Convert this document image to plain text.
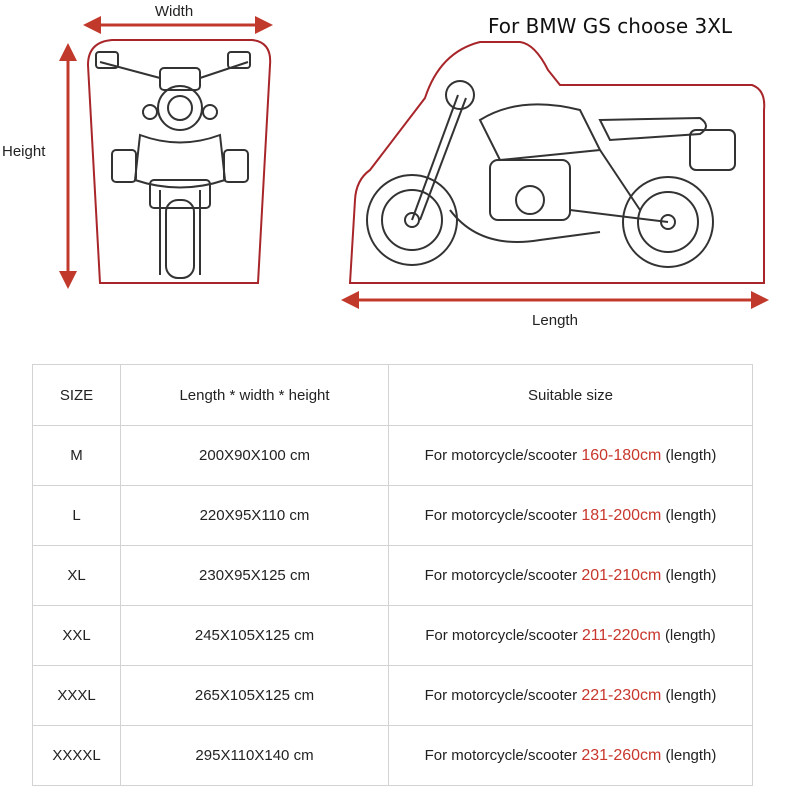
Width
Height
Length
For BMW GS choose 3XL
SIZE	Length * width * height	Suitable size
M	200X90X100 cm	For motorcycle/scooter 160-180cm (length)
L	220X95X110 cm	For motorcycle/scooter 181-200cm (length)
XL	230X95X125 cm	For motorcycle/scooter 201-210cm (length)
XXL	245X105X125 cm	For motorcycle/scooter 211-220cm (length)
XXXL	265X105X125 cm	For motorcycle/scooter 221-230cm (length)
XXXXL	295X110X140 cm	For motorcycle/scooter 231-260cm (length)
